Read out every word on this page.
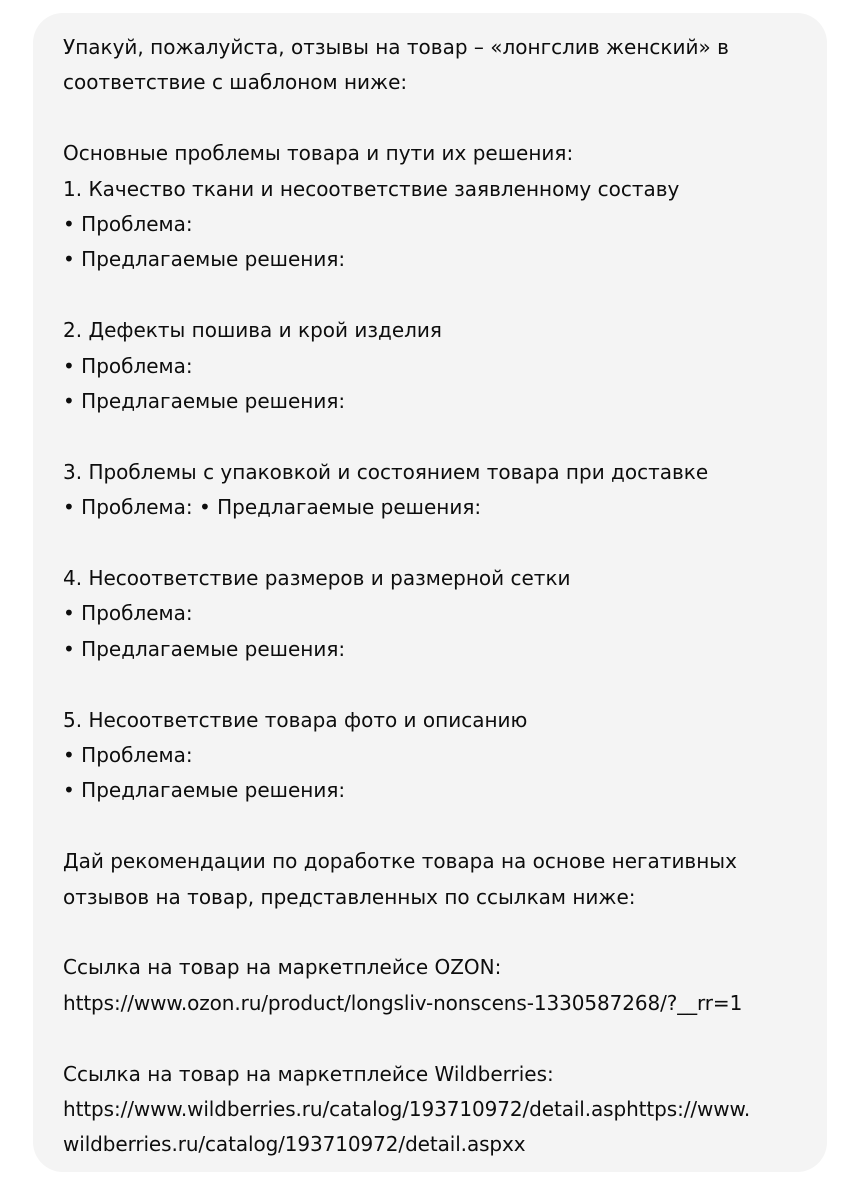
Упакуй, пожалуйста, отзывы на товар – «лонгслив женский» в
соответствие с шаблоном ниже:
Основные проблемы товара и пути их решения:
1. Качество ткани и несоответствие заявленному составу
• Проблема:
• Предлагаемые решения:
2. Дефекты пошива и крой изделия
• Проблема:
• Предлагаемые решения:
3. Проблемы с упаковкой и состоянием товара при доставке
• Проблема: • Предлагаемые решения:
4. Несоответствие размеров и размерной сетки
• Проблема:
• Предлагаемые решения:
5. Несоответствие товара фото и описанию
• Проблема:
• Предлагаемые решения:
Дай рекомендации по доработке товара на основе негативных
отзывов на товар, представленных по ссылкам ниже:
Ссылка на товар на маркетплейсе OZON:
https://www.ozon.ru/product/longsliv-nonscens-1330587268/?__rr=1
Ссылка на товар на маркетплейсе Wildberries:
https://www.wildberries.ru/catalog/193710972/detail.asphttps://www.
wildberries.ru/catalog/193710972/detail.aspxx
